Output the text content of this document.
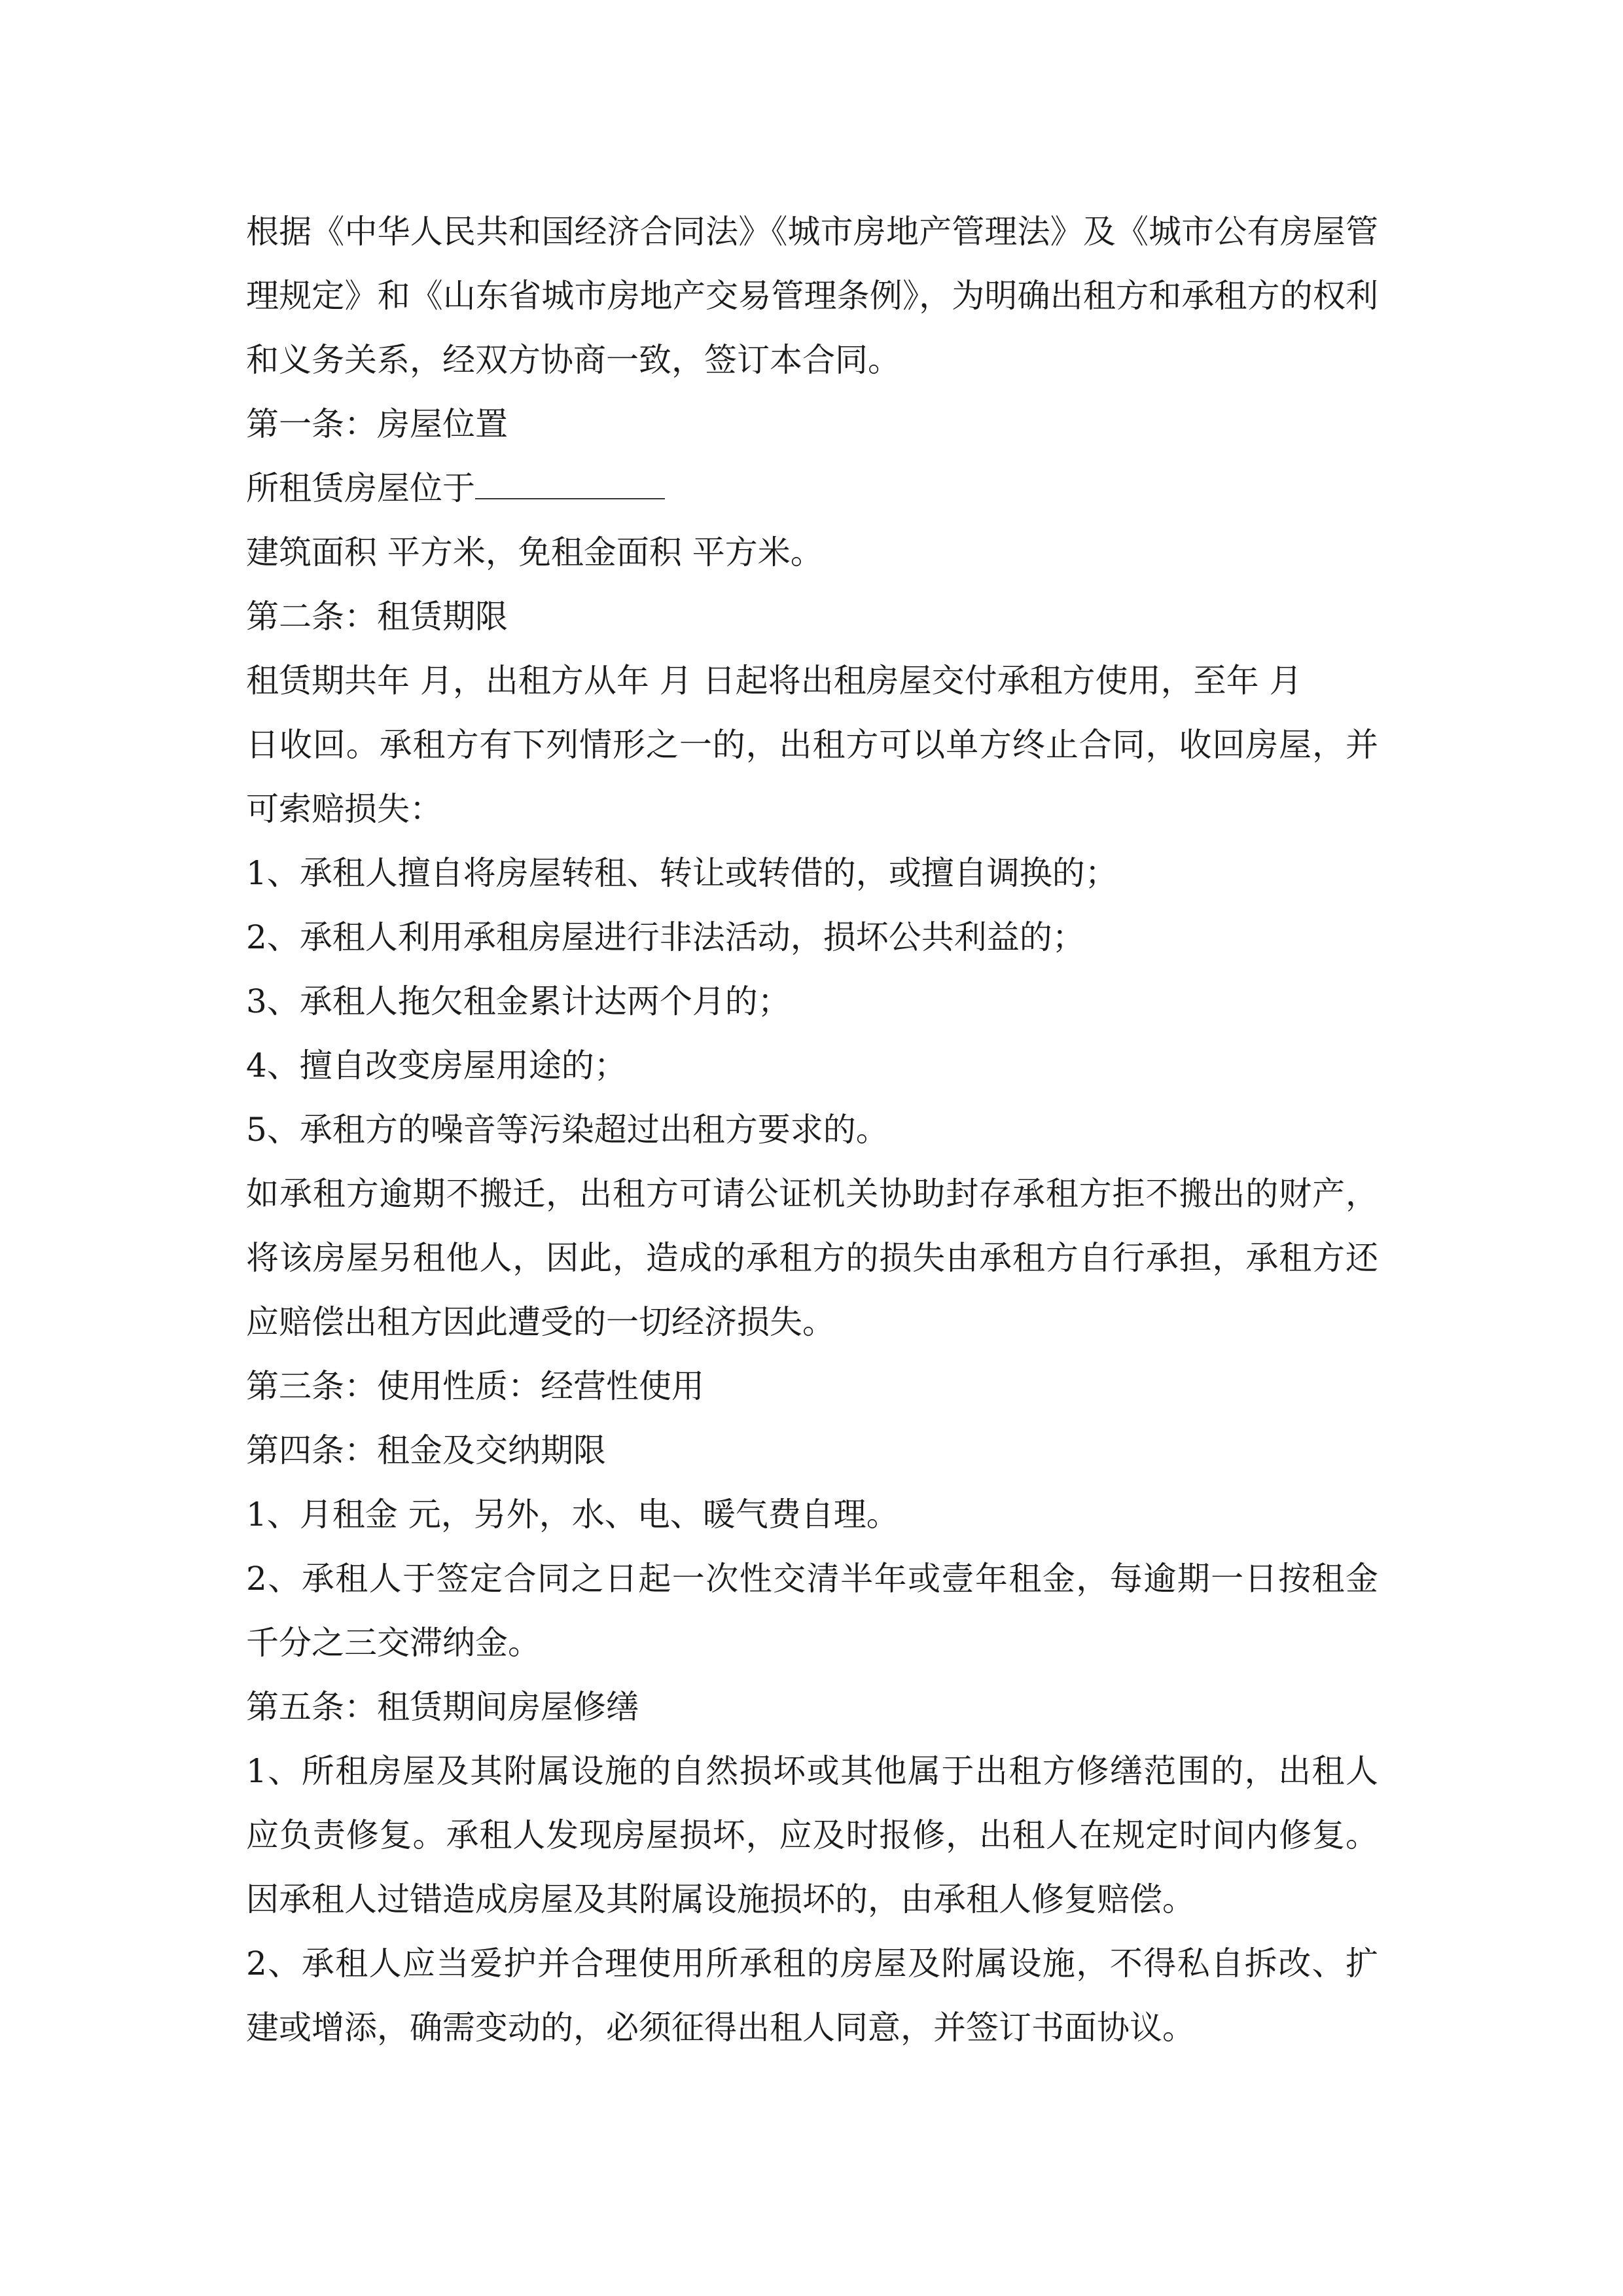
根据《中华人民共和国经济合同法》《城市房地产管理法》及《城市公有房屋管理规定》和《山东省城市房地产交易管理条例》，为明确出租方和承租方的权利和义务关系，经双方协商一致，签订本合同。

第一条：房屋位置

所租赁房屋位于

建筑面积 平方米，免租金面积 平方米。

第二条：租赁期限

租赁期共年 月，出租方从年 月 日起将出租房屋交付承租方使用，至年 月

日收回。承租方有下列情形之一的，出租方可以单方终止合同，收回房屋，并可索赔损失：

1、承租人擅自将房屋转租、转让或转借的，或擅自调换的；

2、承租人利用承租房屋进行非法活动，损坏公共利益的；

3、承租人拖欠租金累计达两个月的；

4、擅自改变房屋用途的；

5、承租方的噪音等污染超过出租方要求的。

如承租方逾期不搬迁，出租方可请公证机关协助封存承租方拒不搬出的财产，将该房屋另租他人，因此，造成的承租方的损失由承租方自行承担，承租方还应赔偿出租方因此遭受的一切经济损失。

第三条：使用性质：经营性使用

第四条：租金及交纳期限

1、月租金 元，另外，水、电、暖气费自理。

2、承租人于签定合同之日起一次性交清半年或壹年租金，每逾期一日按租金千分之三交滞纳金。

第五条：租赁期间房屋修缮

1、所租房屋及其附属设施的自然损坏或其他属于出租方修缮范围的，出租人应负责修复。承租人发现房屋损坏，应及时报修，出租人在规定时间内修复。因承租人过错造成房屋及其附属设施损坏的，由承租人修复赔偿。

2、承租人应当爱护并合理使用所承租的房屋及附属设施，不得私自拆改、扩建或增添，确需变动的，必须征得出租人同意，并签订书面协议。
